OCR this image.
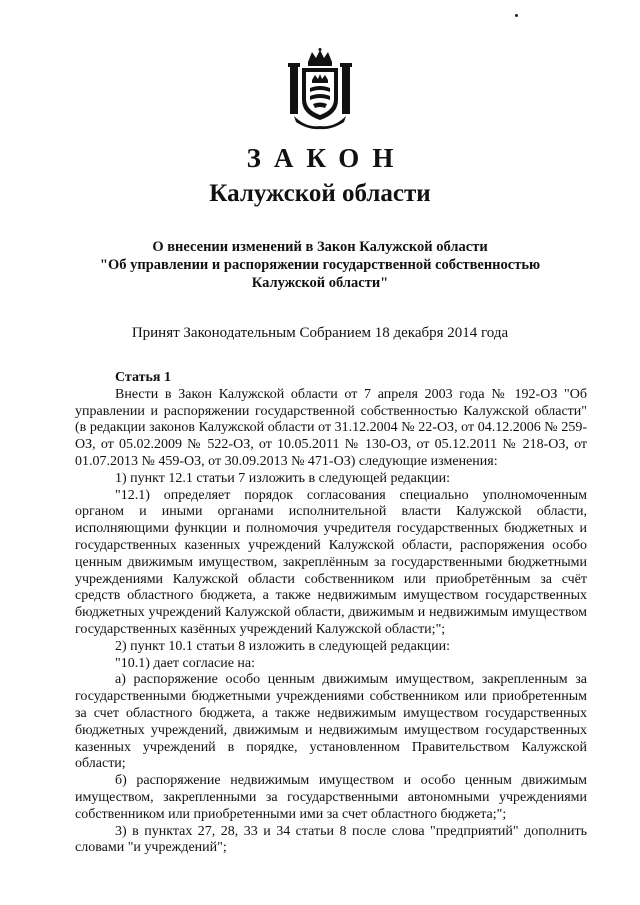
ЗАКОН
Калужской области
О внесении изменений в Закон Калужской области
"Об управлении и распоряжении государственной собственностью
Калужской области"
Принят Законодательным Собранием 18 декабря 2014 года
Статья 1

Внести в Закон Калужской области от 7 апреля 2003 года № 192-ОЗ "Об управлении и распоряжении государственной собственностью Калужской области" (в редакции законов Калужской области от 31.12.2004 № 22-ОЗ, от 04.12.2006 № 259-ОЗ, от 05.02.2009 № 522-ОЗ, от 10.05.2011 № 130-ОЗ, от 05.12.2011 № 218-ОЗ, от 01.07.2013 № 459-ОЗ, от 30.09.2013 № 471-ОЗ) следующие изменения:

1) пункт 12.1 статьи 7 изложить в следующей редакции:

"12.1) определяет порядок согласования специально уполномоченным органом и иными органами исполнительной власти Калужской области, исполняющими функции и полномочия учредителя государственных бюджетных и государственных казенных учреждений Калужской области, распоряжения особо ценным движимым имуществом, закреплённым за государственными бюджетными учреждениями Калужской области собственником или приобретённым за счёт средств областного бюджета, а также недвижимым имуществом государственных бюджетных учреждений Калужской области, движимым и недвижимым имуществом государственных казённых учреждений Калужской области;";

2) пункт 10.1 статьи 8 изложить в следующей редакции:

"10.1) дает согласие на:

а) распоряжение особо ценным движимым имуществом, закрепленным за государственными бюджетными учреждениями собственником или приобретенным за счет областного бюджета, а также недвижимым имуществом государственных бюджетных учреждений, движимым и недвижимым имуществом государственных казенных учреждений в порядке, установленном Правительством Калужской области;

б) распоряжение недвижимым имуществом и особо ценным движимым имуществом, закрепленными за государственными автономными учреждениями собственником или приобретенными ими за счет областного бюджета;";

3) в пунктах 27, 28, 33 и 34 статьи 8 после слова "предприятий" дополнить словами "и учреждений";
